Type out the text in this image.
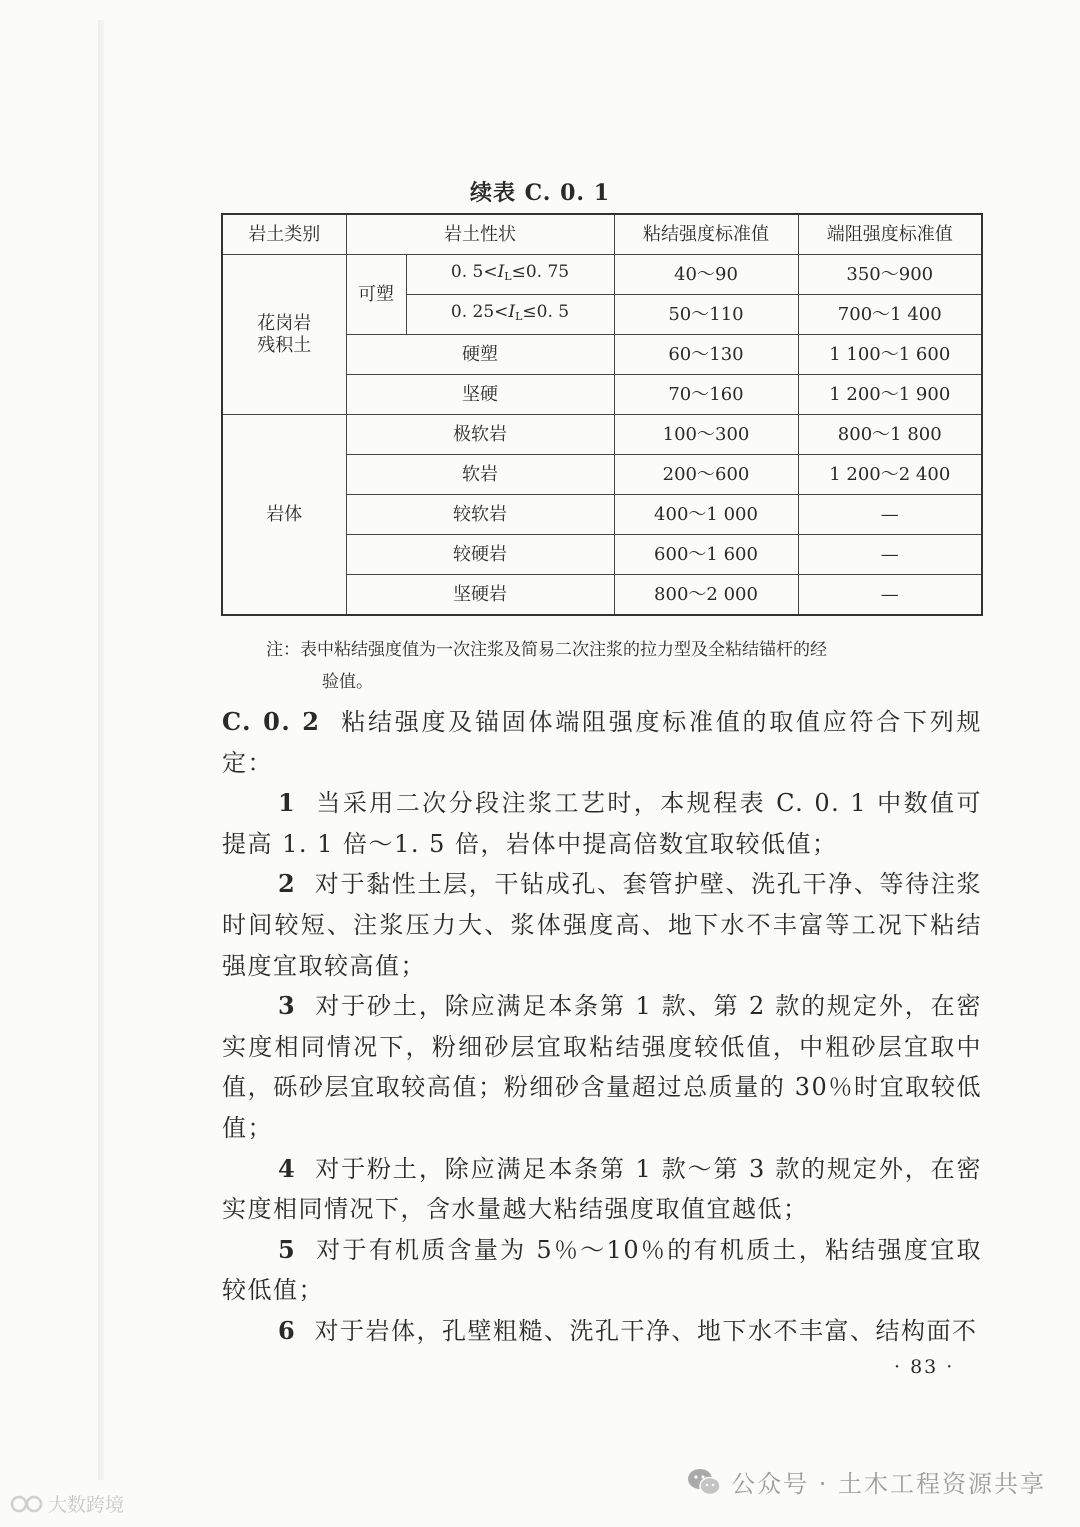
续表 C. 0. 1
岩土类别	岩土性状		粘结强度标准值	端阻强度标准值
花岗岩
残积土	可塑	0. $5<I_L\le 0$. 75	40～90	350～900
		0. $25<I_L\le 0$. 5	50～110	700～1 400
	硬塑		60～130	1 100～1 600
	坚硬		70～160	1 200～1 900
岩体	极软岩		100～300	800～1 800
	软岩		200～600	1 200～2 400
	较软岩		400～1 000	—
	较硬岩		600～1 600	—
	坚硬岩		800～2 000	—
注：表中粘结强度值为一次注浆及简易二次注浆的拉力型及全粘结锚杆的经
验值。

C. 0. 2 粘结强度及锚固体端阻强度标准值的取值应符合下列规定：

1 当采用二次分段注浆工艺时，本规程表 C. 0. 1 中数值可提高 1. 1 倍～1. 5 倍，岩体中提高倍数宜取较低值；

2 对于黏性土层，干钻成孔、套管护壁、洗孔干净、等待注浆时间较短、注浆压力大、浆体强度高、地下水不丰富等工况下粘结强度宜取较高值；

3 对于砂土，除应满足本条第 1 款、第 2 款的规定外，在密实度相同情况下，粉细砂层宜取粘结强度较低值，中粗砂层宜取中值，砾砂层宜取较高值；粉细砂含量超过总质量的 30％时宜取较低值；

4 对于粉土，除应满足本条第 1 款～第 3 款的规定外，在密实度相同情况下，含水量越大粘结强度取值宜越低；

5 对于有机质含量为 5％～10％的有机质土，粘结强度宜取较低值；

6 对于岩体，孔壁粗糙、洗孔干净、地下水不丰富、结构面不

· 83 ·
公众号 · 土木工程资源共享
大数跨境
